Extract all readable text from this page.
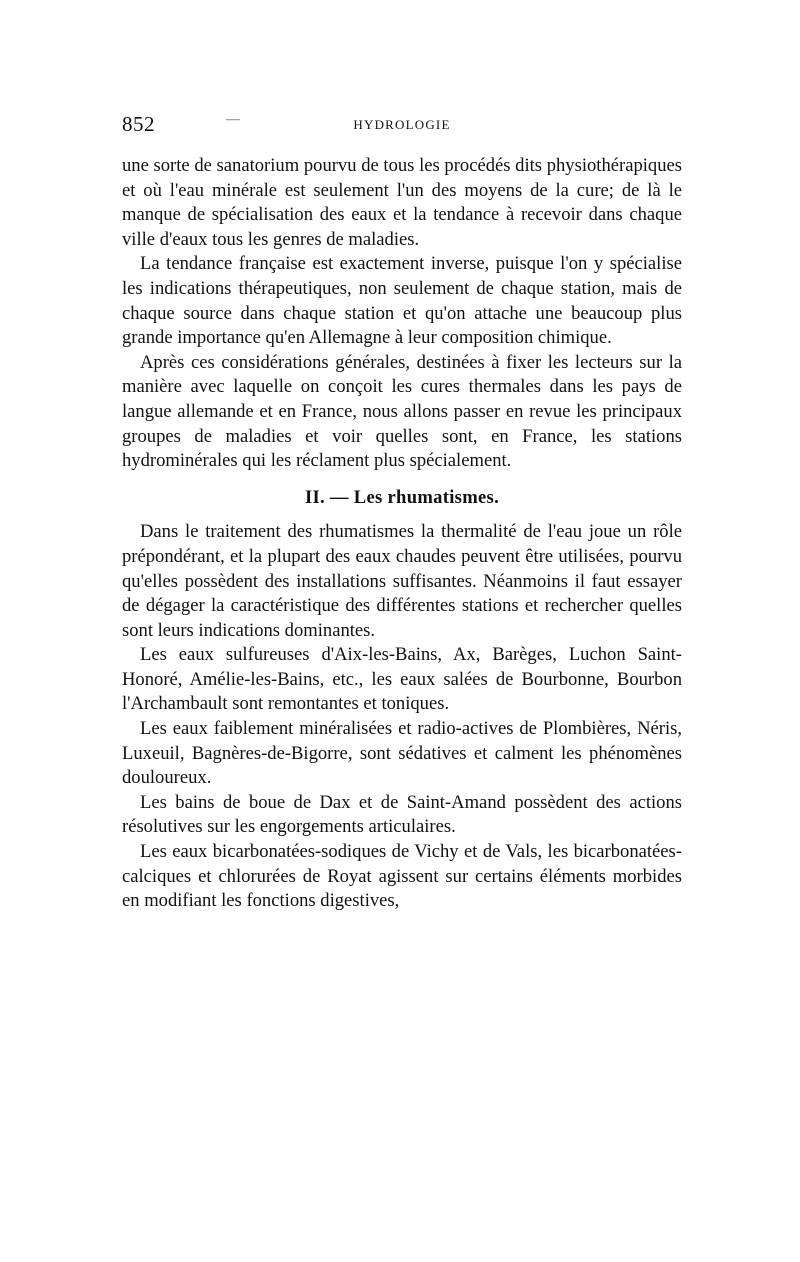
852	—	HYDROLOGIE

une sorte de sanatorium pourvu de tous les procédés dits physiothérapiques et où l'eau minérale est seulement l'un des moyens de la cure; de là le manque de spécialisation des eaux et la tendance à recevoir dans chaque ville d'eaux tous les genres de maladies.

La tendance française est exactement inverse, puisque l'on y spécialise les indications thérapeutiques, non seulement de chaque station, mais de chaque source dans chaque station et qu'on attache une beaucoup plus grande importance qu'en Allemagne à leur composition chimique.

Après ces considérations générales, destinées à fixer les lecteurs sur la manière avec laquelle on conçoit les cures thermales dans les pays de langue allemande et en France, nous allons passer en revue les principaux groupes de maladies et voir quelles sont, en France, les stations hydrominérales qui les réclament plus spécialement.

II. — Les rhumatismes.

Dans le traitement des rhumatismes la thermalité de l'eau joue un rôle prépondérant, et la plupart des eaux chaudes peuvent être utilisées, pourvu qu'elles possèdent des installations suffisantes. Néanmoins il faut essayer de dégager la caractéristique des différentes stations et rechercher quelles sont leurs indications dominantes.

Les eaux sulfureuses d'Aix-les-Bains, Ax, Barèges, Luchon Saint-Honoré, Amélie-les-Bains, etc., les eaux salées de Bourbonne, Bourbon l'Archambault sont remontantes et toniques.

Les eaux faiblement minéralisées et radio-actives de Plombières, Néris, Luxeuil, Bagnères-de-Bigorre, sont sédatives et calment les phénomènes douloureux.

Les bains de boue de Dax et de Saint-Amand possèdent des actions résolutives sur les engorgements articulaires.

Les eaux bicarbonatées-sodiques de Vichy et de Vals, les bicarbonatées-calciques et chlorurées de Royat agissent sur certains éléments morbides en modifiant les fonctions digestives,
